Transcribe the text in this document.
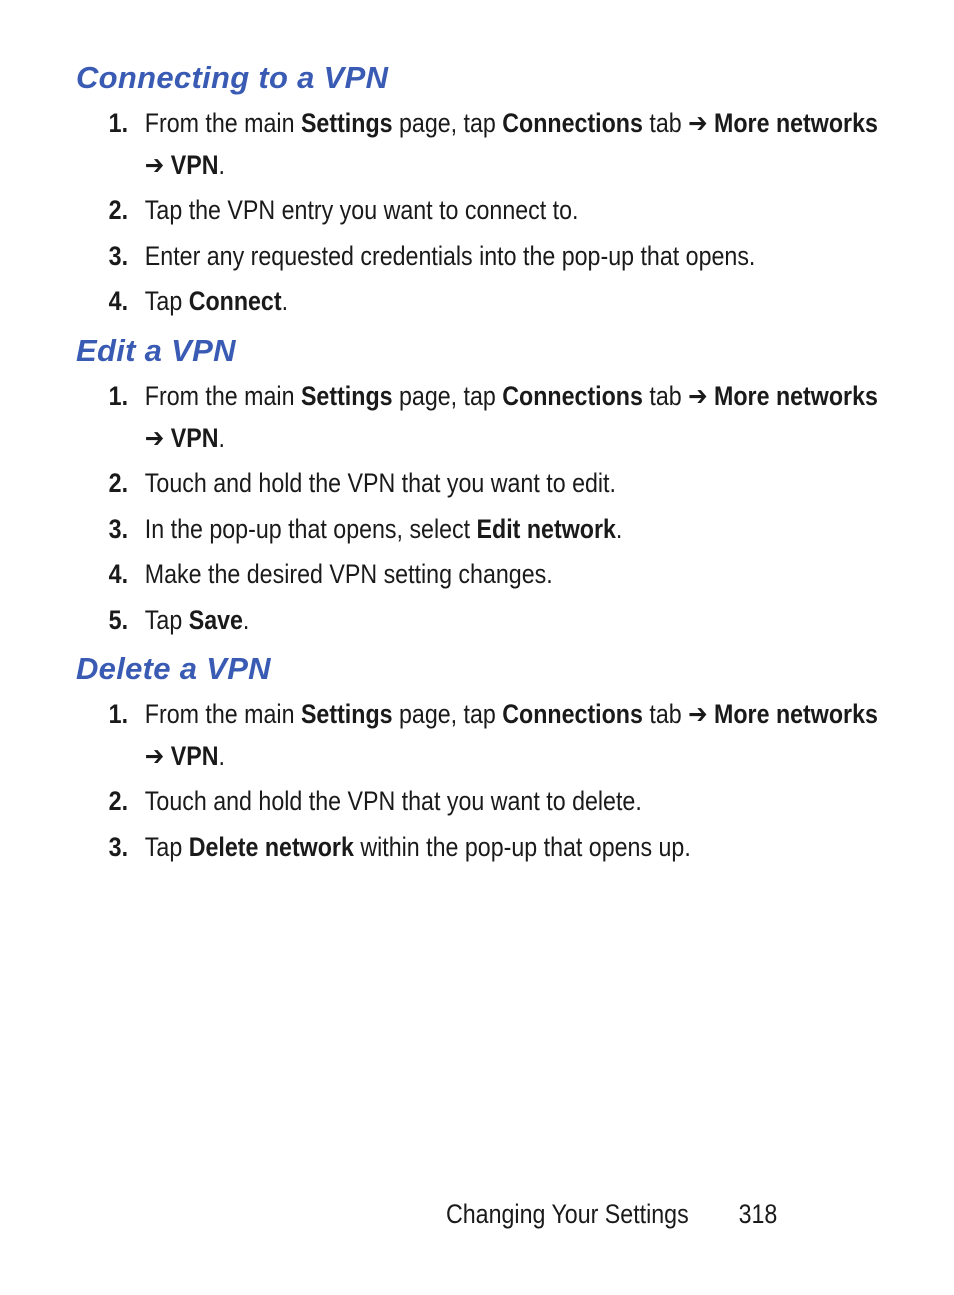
Connecting to a VPN
1. From the main Settings page, tap Connections tab ➔ More networks ➔ VPN.
2. Tap the VPN entry you want to connect to.
3. Enter any requested credentials into the pop-up that opens.
4. Tap Connect.
Edit a VPN
1. From the main Settings page, tap Connections tab ➔ More networks ➔ VPN.
2. Touch and hold the VPN that you want to edit.
3. In the pop-up that opens, select Edit network.
4. Make the desired VPN setting changes.
5. Tap Save.
Delete a VPN
1. From the main Settings page, tap Connections tab ➔ More networks ➔ VPN.
2. Touch and hold the VPN that you want to delete.
3. Tap Delete network within the pop-up that opens up.
Changing Your Settings 318
